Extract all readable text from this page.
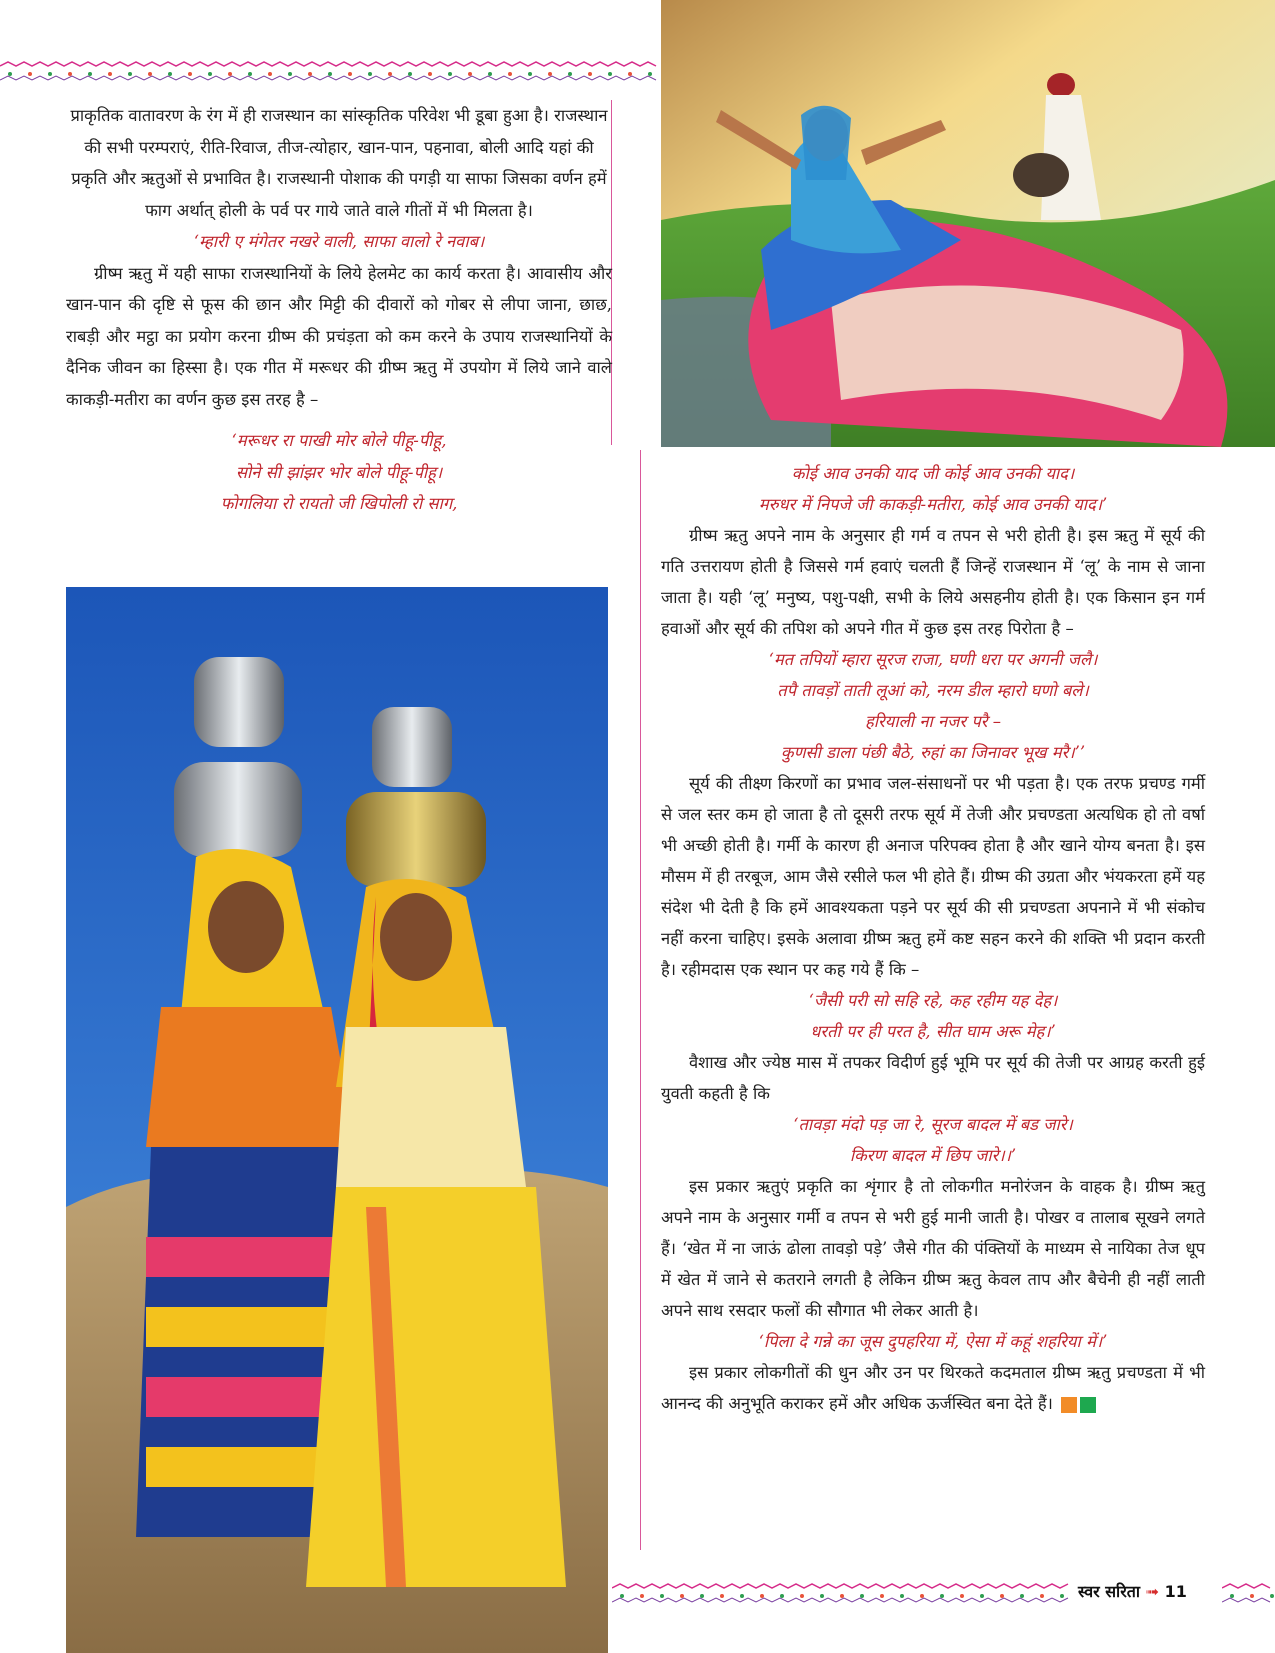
प्राकृतिक वातावरण के रंग में ही राजस्थान का सांस्कृतिक परिवेश भी डूबा हुआ है। राजस्थान की सभी परम्पराएं, रीति-रिवाज, तीज-त्योहार, खान-पान, पहनावा, बोली आदि यहां की प्रकृति और ऋतुओं से प्रभावित है। राजस्थानी पोशाक की पगड़ी या साफा जिसका वर्णन हमें फाग अर्थात् होली के पर्व पर गाये जाते वाले गीतों में भी मिलता है।

‘म्हारी ए मंगेतर नखरे वाली, साफा वालो रे नवाब।

ग्रीष्म ऋतु में यही साफा राजस्थानियों के लिये हेलमेट का कार्य करता है। आवासीय और खान-पान की दृष्टि से फूस की छान और मिट्टी की दीवारों को गोबर से लीपा जाना, छाछ, राबड़ी और मट्ठा का प्रयोग करना ग्रीष्म की प्रचंड़ता को कम करने के उपाय राजस्थानियों के दैनिक जीवन का हिस्सा है। एक गीत में मरूधर की ग्रीष्म ऋतु में उपयोग में लिये जाने वाले काकड़ी-मतीरा का वर्णन कुछ इस तरह है –

‘मरूधर रा पाखी मोर बोले पीहू-पीहू,

सोने सी झांझर भोर बोले पीहू-पीहू।

फोगलिया रो रायतो जी खिपोली रो साग,

कोई आव उनकी याद जी कोई आव उनकी याद।

मरुधर में निपजे जी काकड़ी-मतीरा, कोई आव उनकी याद।’

ग्रीष्म ऋतु अपने नाम के अनुसार ही गर्म व तपन से भरी होती है। इस ऋतु में सूर्य की गति उत्तरायण होती है जिससे गर्म हवाएं चलती हैं जिन्हें राजस्थान में ‘लू’ के नाम से जाना जाता है। यही ‘लू’ मनुष्य, पशु-पक्षी, सभी के लिये असहनीय होती है। एक किसान इन गर्म हवाओं और सूर्य की तपिश को अपने गीत में कुछ इस तरह पिरोता है –

‘मत तपियों म्हारा सूरज राजा, घणी धरा पर अगनी जलै।

तपै तावड़ों ताती लूआं को, नरम डील म्हारो घणो बले।

हरियाली ना नजर परै –

कुणसी डाला पंछी बैठे, रुहां का जिनावर भूख मरै।’’

सूर्य की तीक्ष्ण किरणों का प्रभाव जल-संसाधनों पर भी पड़ता है। एक तरफ प्रचण्ड गर्मी से जल स्तर कम हो जाता है तो दूसरी तरफ सूर्य में तेजी और प्रचण्डता अत्यधिक हो तो वर्षा भी अच्छी होती है। गर्मी के कारण ही अनाज परिपक्व होता है और खाने योग्य बनता है। इस मौसम में ही तरबूज, आम जैसे रसीले फल भी होते हैं। ग्रीष्म की उग्रता और भंयकरता हमें यह संदेश भी देती है कि हमें आवश्यकता पड़ने पर सूर्य की सी प्रचण्डता अपनाने में भी संकोच नहीं करना चाहिए। इसके अलावा ग्रीष्म ऋतु हमें कष्ट सहन करने की शक्ति भी प्रदान करती है। रहीमदास एक स्थान पर कह गये हैं कि –

‘जैसी परी सो सहि रहे, कह रहीम यह देह।

धरती पर ही परत है, सीत घाम अरू मेह।’

वैशाख और ज्येष्ठ मास में तपकर विदीर्ण हुई भूमि पर सूर्य की तेजी पर आग्रह करती हुई युवती कहती है कि

‘तावड़ा मंदो पड़ जा रे, सूरज बादल में बड जारे।

किरण बादल में छिप जारे।।’

इस प्रकार ऋतुएं प्रकृति का शृंगार है तो लोकगीत मनोरंजन के वाहक है। ग्रीष्म ऋतु अपने नाम के अनुसार गर्मी व तपन से भरी हुई मानी जाती है। पोखर व तालाब सूखने लगते हैं। ‘खेत में ना जाऊं ढोला तावड़ो पड़े’ जैसे गीत की पंक्तियों के माध्यम से नायिका तेज धूप में खेत में जाने से कतराने लगती है लेकिन ग्रीष्म ऋतु केवल ताप और बैचेनी ही नहीं लाती अपने साथ रसदार फलों की सौगात भी लेकर आती है।

‘पिला दे गन्ने का जूस दुपहरिया में, ऐसा में कहूं शहरिया में।’

इस प्रकार लोकगीतों की धुन और उन पर थिरकते कदमताल ग्रीष्म ऋतु प्रचण्डता में भी आनन्द की अनुभूति कराकर हमें और अधिक ऊर्जस्वित बना देते हैं।

स्वर सरिता ➟ 11
